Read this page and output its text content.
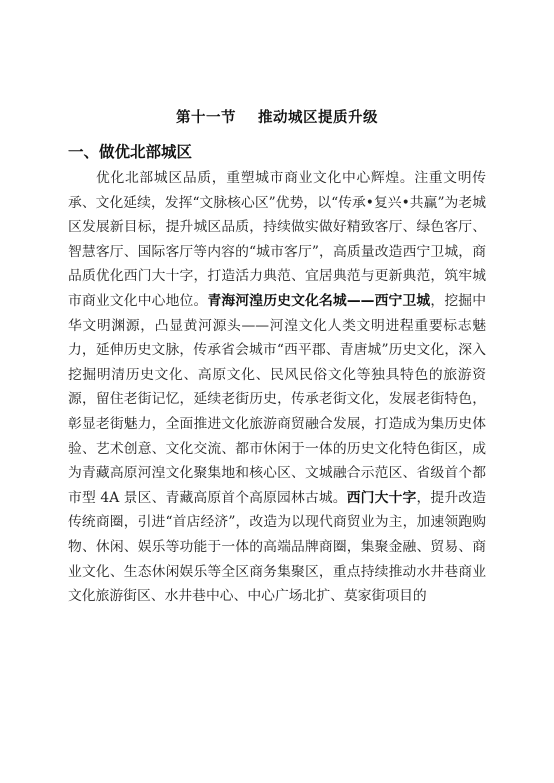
第十一节 推动城区提质升级
一、做优北部城区

优化北部城区品质，重塑城市商业文化中心辉煌。注重文明传承、文化延续，发挥“文脉核心区”优势，以“传承•复兴•共赢”为老城区发展新目标，提升城区品质，持续做实做好精致客厅、绿色客厅、智慧客厅、国际客厅等内容的“城市客厅”，高质量改造西宁卫城，商品质优化西门大十字，打造活力典范、宜居典范与更新典范，筑牢城市商业文化中心地位。青海河湟历史文化名城——西宁卫城，挖掘中华文明渊源，凸显黄河源头——河湟文化人类文明进程重要标志魅力，延伸历史文脉，传承省会城市“西平郡、青唐城”历史文化，深入挖掘明清历史文化、高原文化、民风民俗文化等独具特色的旅游资源，留住老街记忆，延续老街历史，传承老街文化，发展老街特色，彰显老街魅力，全面推进文化旅游商贸融合发展，打造成为集历史体验、艺术创意、文化交流、都市休闲于一体的历史文化特色街区，成为青藏高原河湟文化聚集地和核心区、文城融合示范区、省级首个都市型 4A 景区、青藏高原首个高原园林古城。西门大十字，提升改造传统商圈，引进“首店经济”，改造为以现代商贸业为主，加速领跑购物、休闲、娱乐等功能于一体的高端品牌商圈，集聚金融、贸易、商业文化、生态休闲娱乐等全区商务集聚区，重点持续推动水井巷商业文化旅游街区、水井巷中心、中心广场北扩、莫家街项目的
